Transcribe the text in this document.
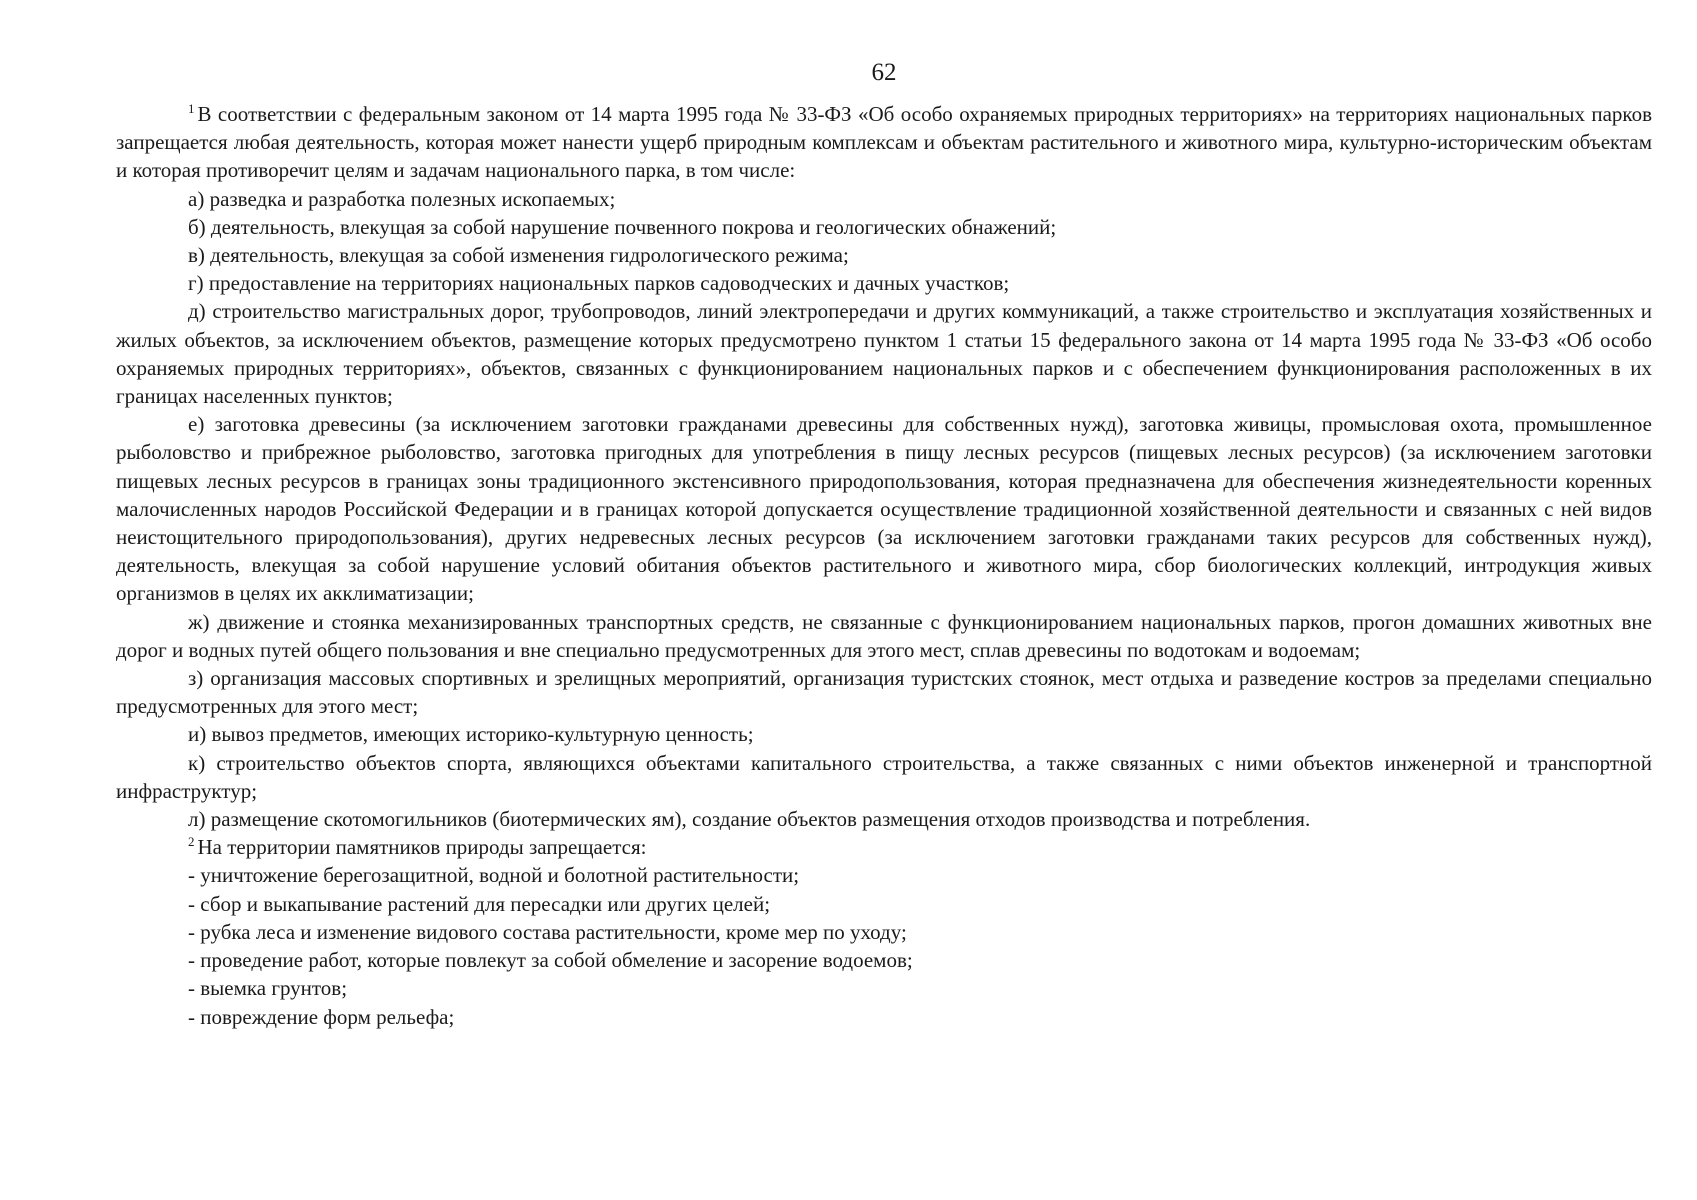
62

$^1$ В соответствии с федеральным законом от 14 марта 1995 года № 33-ФЗ «Об особо охраняемых природных территориях» на территориях национальных парков запрещается любая деятельность, которая может нанести ущерб природным комплексам и объектам растительного и животного мира, культурно-историческим объектам и которая противоречит целям и задачам национального парка, в том числе:

а) разведка и разработка полезных ископаемых;

б) деятельность, влекущая за собой нарушение почвенного покрова и геологических обнажений;

в) деятельность, влекущая за собой изменения гидрологического режима;

г) предоставление на территориях национальных парков садоводческих и дачных участков;

д) строительство магистральных дорог, трубопроводов, линий электропередачи и других коммуникаций, а также строительство и эксплуатация хозяйственных и жилых объектов, за исключением объектов, размещение которых предусмотрено пунктом 1 статьи 15 федерального закона от 14 марта 1995 года № 33-ФЗ «Об особо охраняемых природных территориях», объектов, связанных с функционированием национальных парков и с обеспечением функционирования расположенных в их границах населенных пунктов;

е) заготовка древесины (за исключением заготовки гражданами древесины для собственных нужд), заготовка живицы, промысловая охота, промышленное рыболовство и прибрежное рыболовство, заготовка пригодных для употребления в пищу лесных ресурсов (пищевых лесных ресурсов) (за исключением заготовки пищевых лесных ресурсов в границах зоны традиционного экстенсивного природопользования, которая предназначена для обеспечения жизнедеятельности коренных малочисленных народов Российской Федерации и в границах которой допускается осуществление традиционной хозяйственной деятельности и связанных с ней видов неистощительного природопользования), других недревесных лесных ресурсов (за исключением заготовки гражданами таких ресурсов для собственных нужд), деятельность, влекущая за собой нарушение условий обитания объектов растительного и животного мира, сбор биологических коллекций, интродукция живых организмов в целях их акклиматизации;

ж) движение и стоянка механизированных транспортных средств, не связанные с функционированием национальных парков, прогон домашних животных вне дорог и водных путей общего пользования и вне специально предусмотренных для этого мест, сплав древесины по водотокам и водоемам;

з) организация массовых спортивных и зрелищных мероприятий, организация туристских стоянок, мест отдыха и разведение костров за пределами специально предусмотренных для этого мест;

и) вывоз предметов, имеющих историко-культурную ценность;

к) строительство объектов спорта, являющихся объектами капитального строительства, а также связанных с ними объектов инженерной и транспортной инфраструктур;

л) размещение скотомогильников (биотермических ям), создание объектов размещения отходов производства и потребления.

$^2$ На территории памятников природы запрещается:

- уничтожение берегозащитной, водной и болотной растительности;

- сбор и выкапывание растений для пересадки или других целей;

- рубка леса и изменение видового состава растительности, кроме мер по уходу;

- проведение работ, которые повлекут за собой обмеление и засорение водоемов;

- выемка грунтов;

- повреждение форм рельефа;
